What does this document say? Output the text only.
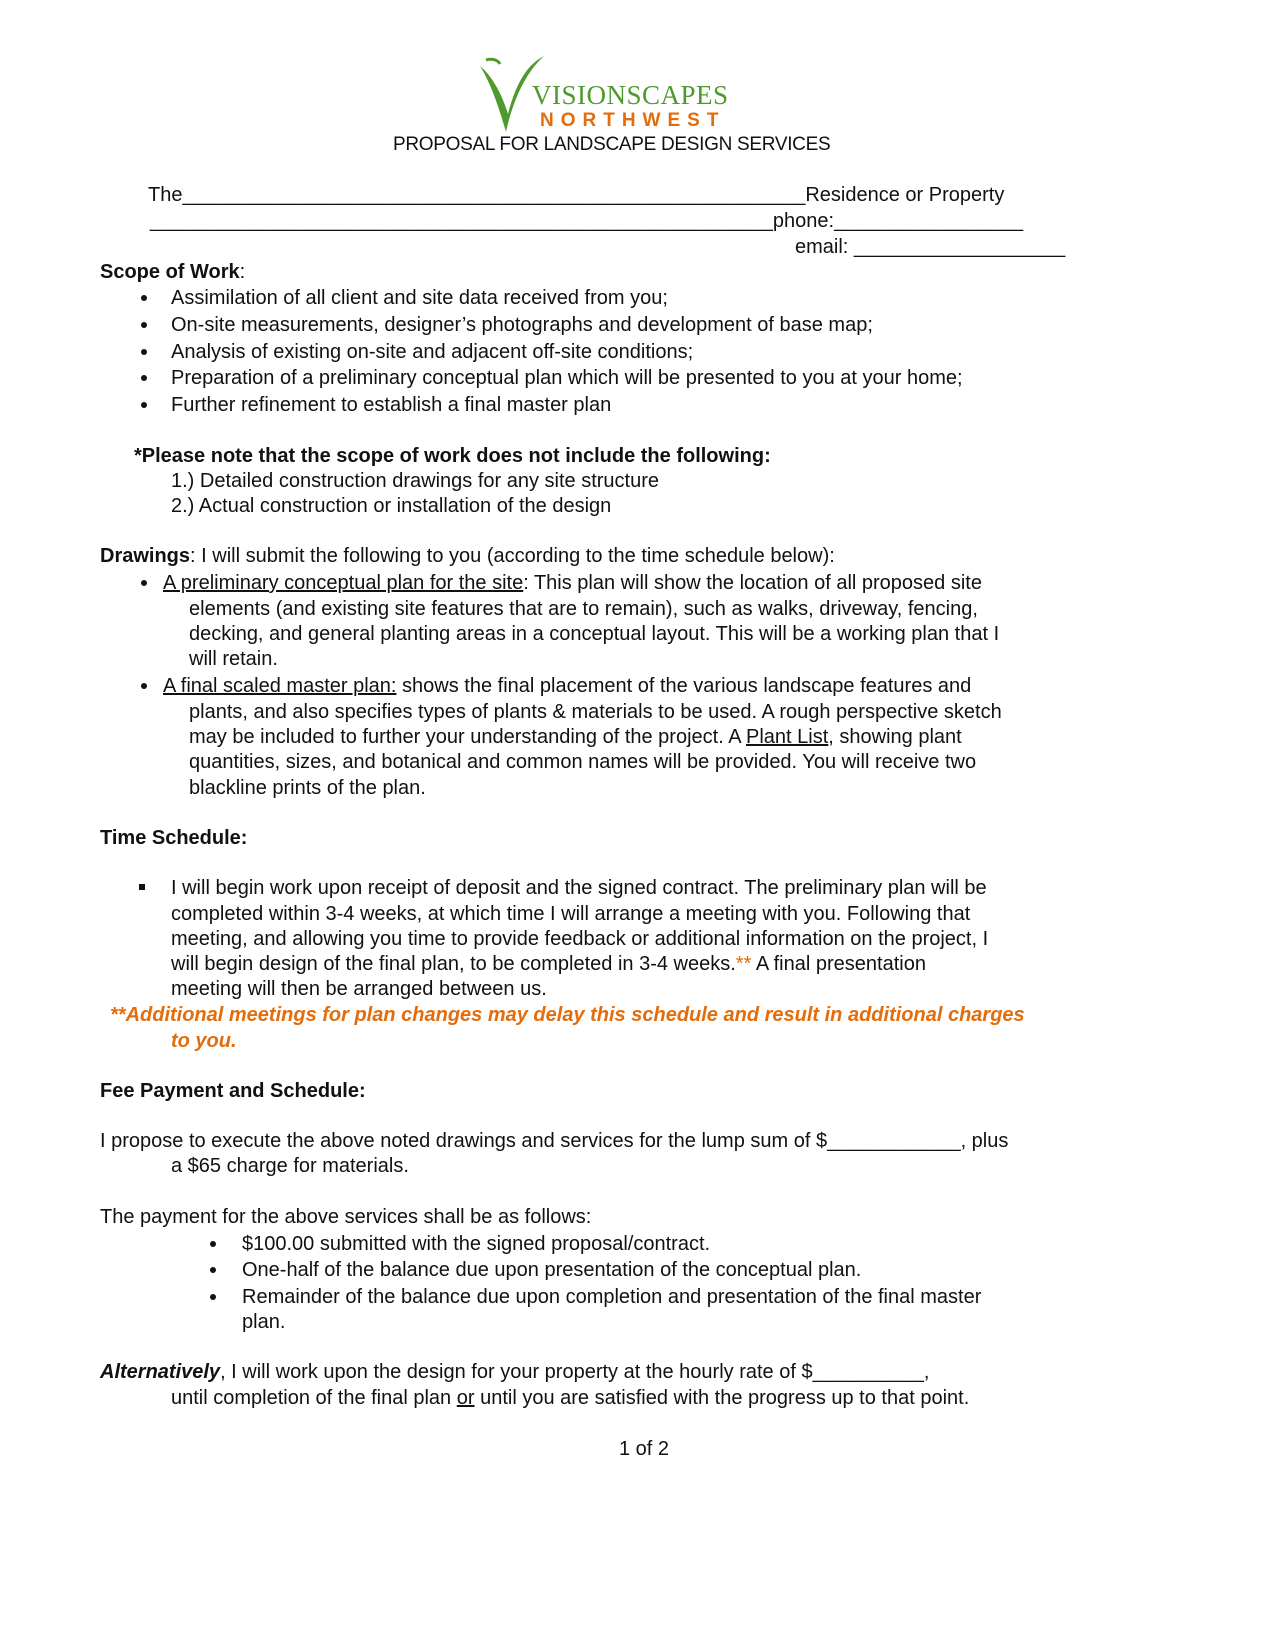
VISIONSCAPES
NORTHWEST
PROPOSAL FOR LANDSCAPE DESIGN SERVICES
The________________________________________________________Residence or Property
________________________________________________________phone:_________________
email: ___________________
Scope of Work:
Assimilation of all client and site data received from you;
On-site measurements, designer’s photographs and development of base map;
Analysis of existing on-site and adjacent off-site conditions;
Preparation of a preliminary conceptual plan which will be presented to you at your home;
Further refinement to establish a final master plan
*Please note that the scope of work does not include the following:
1.) Detailed construction drawings for any site structure
2.) Actual construction or installation of the design
Drawings: I will submit the following to you (according to the time schedule below):
A preliminary conceptual plan for the site: This plan will show the location of all proposed site
elements (and existing site features that are to remain), such as walks, driveway, fencing,
decking, and general planting areas in a conceptual layout. This will be a working plan that I
will retain.
A final scaled master plan: shows the final placement of the various landscape features and
plants, and also specifies types of plants & materials to be used. A rough perspective sketch
may be included to further your understanding of the project. A Plant List, showing plant
quantities, sizes, and botanical and common names will be provided. You will receive two
blackline prints of the plan.
Time Schedule:
I will begin work upon receipt of deposit and the signed contract. The preliminary plan will be
completed within 3-4 weeks, at which time I will arrange a meeting with you. Following that
meeting, and allowing you time to provide feedback or additional information on the project, I
will begin design of the final plan, to be completed in 3-4 weeks.** A final presentation
meeting will then be arranged between us.
**Additional meetings for plan changes may delay this schedule and result in additional charges
to you.
Fee Payment and Schedule:
I propose to execute the above noted drawings and services for the lump sum of $____________, plus
a $65 charge for materials.
The payment for the above services shall be as follows:
$100.00 submitted with the signed proposal/contract.
One-half of the balance due upon presentation of the conceptual plan.
Remainder of the balance due upon completion and presentation of the final master
plan.
Alternatively, I will work upon the design for your property at the hourly rate of $__________,
until completion of the final plan or until you are satisfied with the progress up to that point.
1 of 2
